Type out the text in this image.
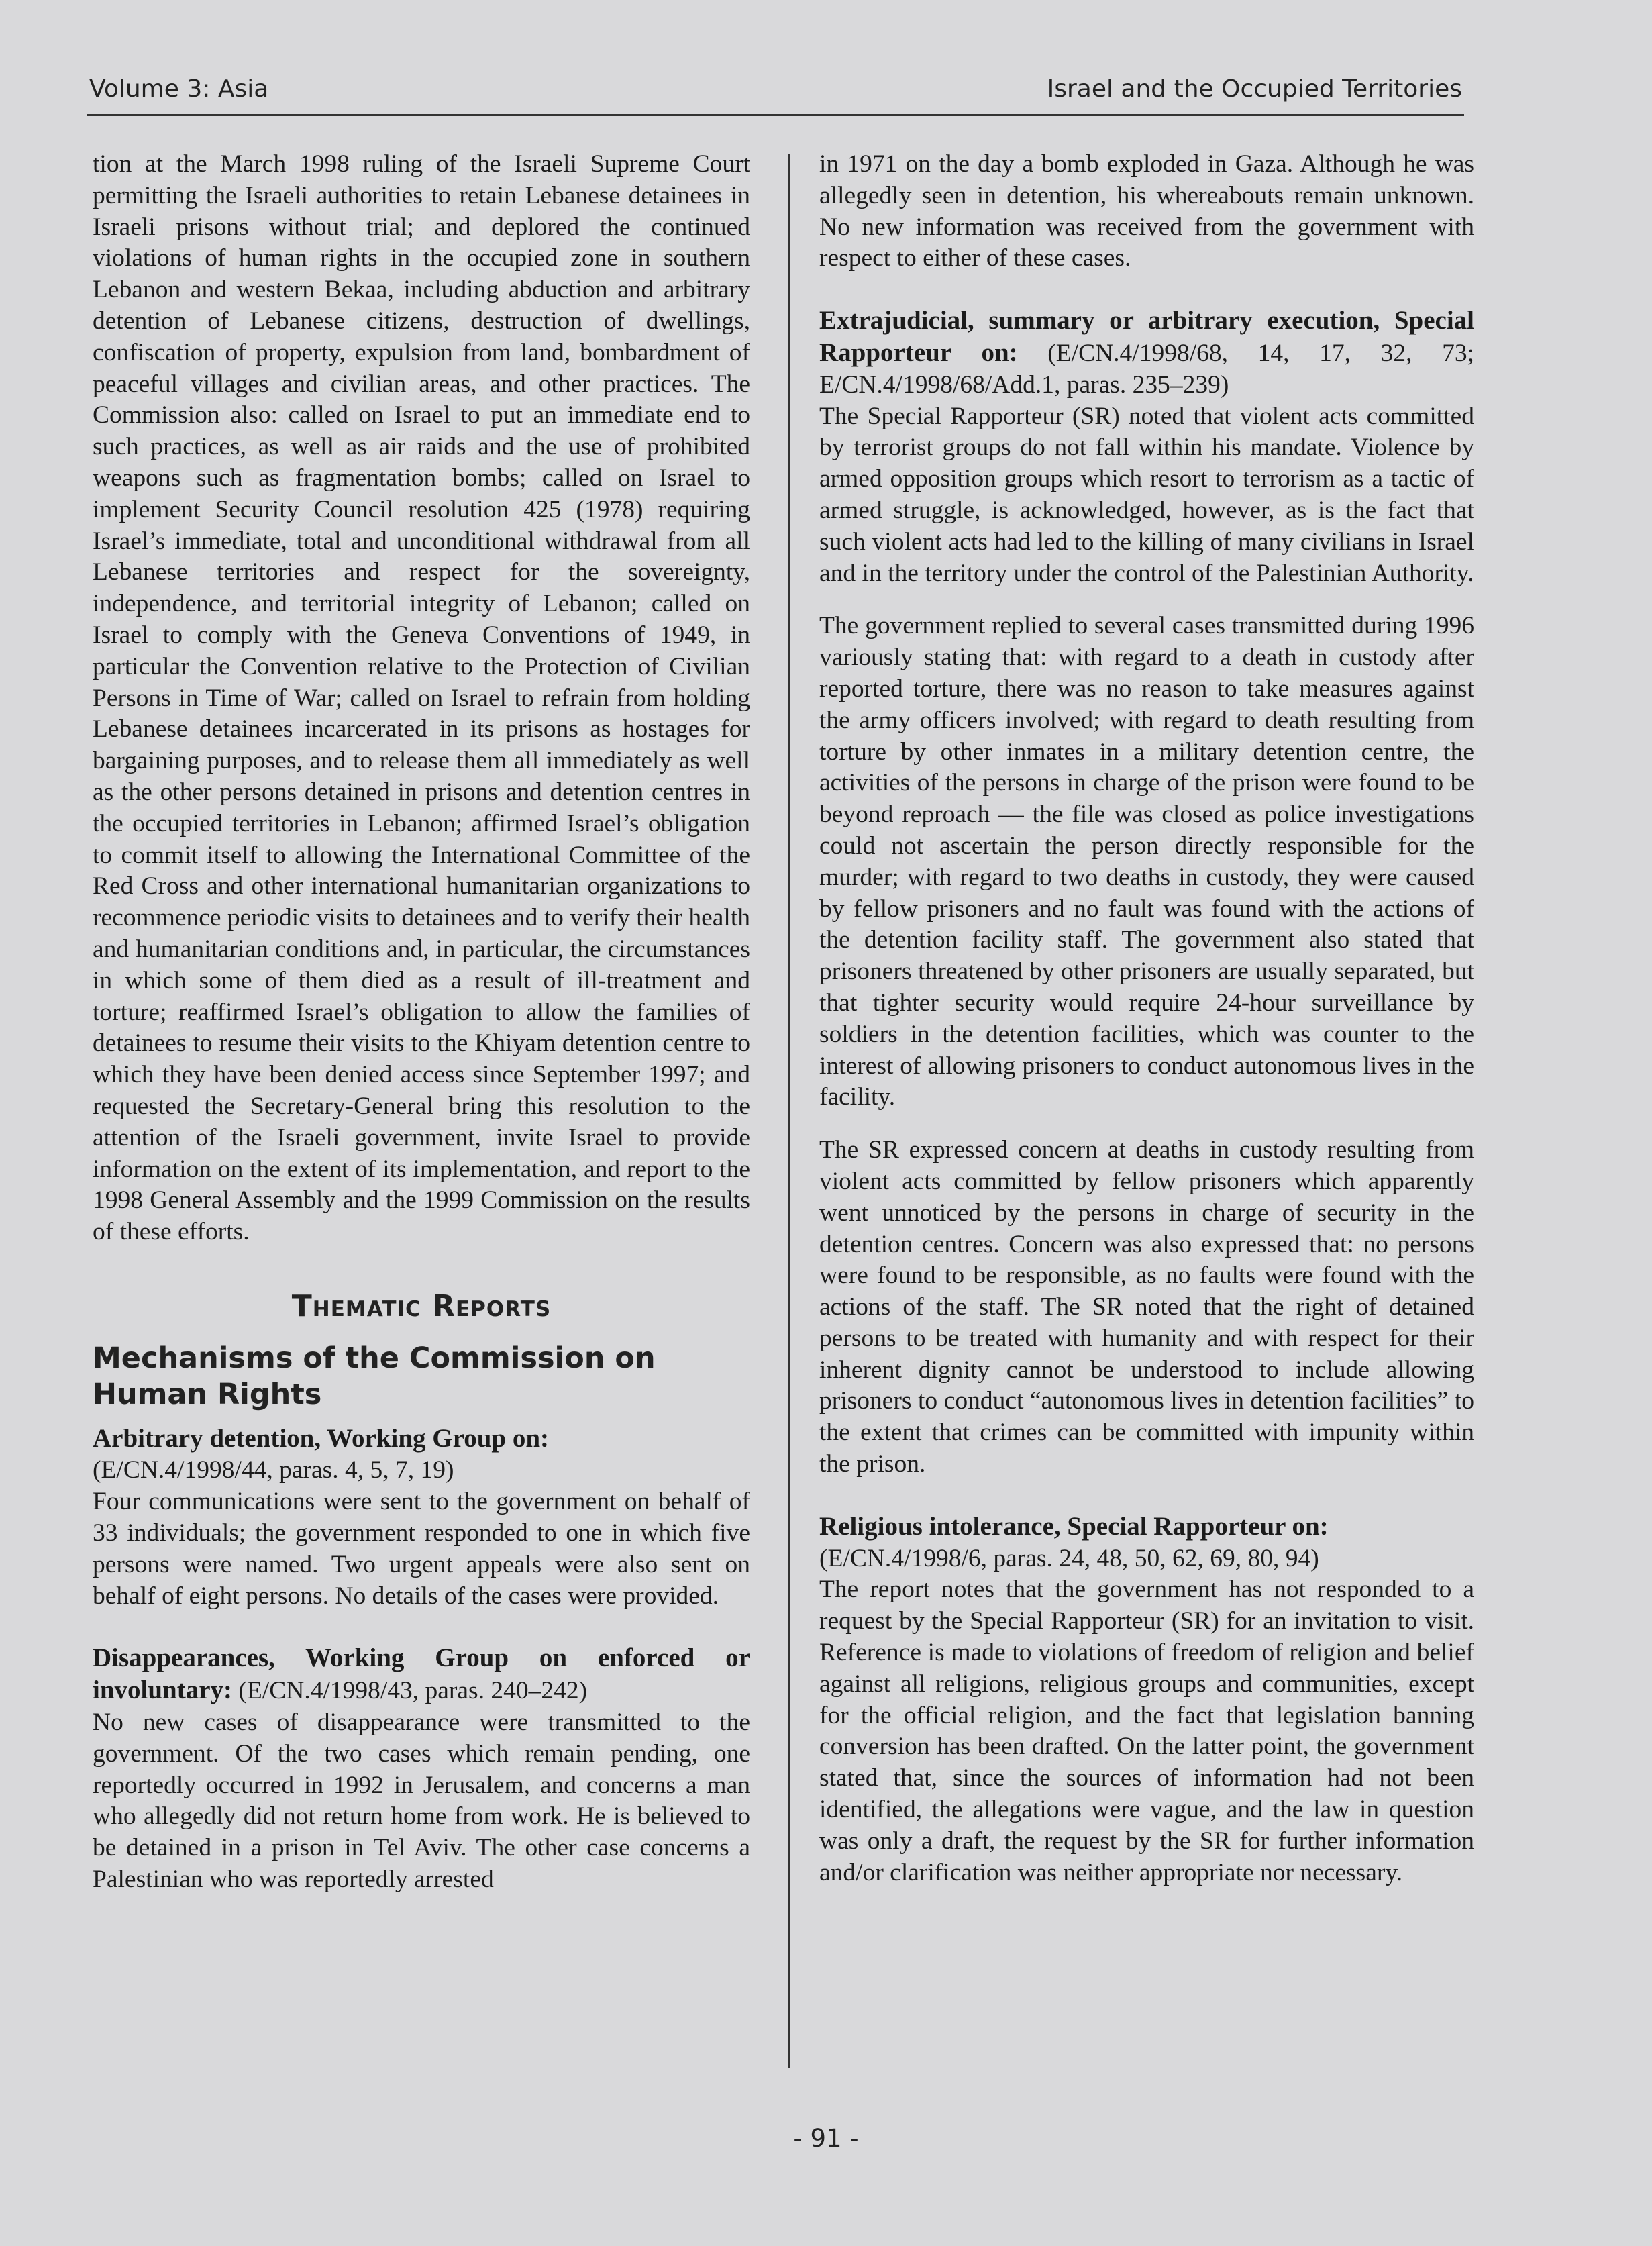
Volume 3: Asia	Israel and the Occupied Territories

tion at the March 1998 ruling of the Israeli Supreme Court permitting the Israeli authorities to retain Lebanese detainees in Israeli prisons without trial; and deplored the continued violations of human rights in the occupied zone in southern Lebanon and western Bekaa, including abduction and arbitrary detention of Lebanese citizens, destruction of dwellings, confiscation of property, expulsion from land, bombardment of peaceful villages and civilian areas, and other practices. The Commission also: called on Israel to put an immediate end to such practices, as well as air raids and the use of prohibited weapons such as fragmentation bombs; called on Israel to implement Security Council resolution 425 (1978) requiring Israel’s immediate, total and unconditional withdrawal from all Lebanese territories and respect for the sovereignty, independence, and territorial integrity of Lebanon; called on Israel to comply with the Geneva Conventions of 1949, in particular the Convention relative to the Protection of Civilian Persons in Time of War; called on Israel to refrain from holding Lebanese detainees incarcerated in its prisons as hostages for bargaining purposes, and to release them all immediately as well as the other persons detained in prisons and detention centres in the occupied territories in Lebanon; affirmed Israel’s obligation to commit itself to allowing the International Committee of the Red Cross and other international humanitarian organizations to recommence periodic visits to detainees and to verify their health and humanitarian conditions and, in particular, the circumstances in which some of them died as a result of ill-treatment and torture; reaffirmed Israel’s obligation to allow the families of detainees to resume their visits to the Khiyam detention centre to which they have been denied access since September 1997; and requested the Secretary-General bring this resolution to the attention of the Israeli government, invite Israel to provide information on the extent of its implementation, and report to the 1998 General Assembly and the 1999 Commission on the results of these efforts.

Thematic Reports
Mechanisms of the Commission on Human Rights
Arbitrary detention, Working Group on:
(E/CN.4/1998/44, paras. 4, 5, 7, 19)

Four communications were sent to the government on behalf of 33 individuals; the government responded to one in which five persons were named. Two urgent appeals were also sent on behalf of eight persons. No details of the cases were provided.

Disappearances, Working Group on enforced or involuntary: (E/CN.4/1998/43, paras. 240–242)

No new cases of disappearance were transmitted to the government. Of the two cases which remain pending, one reportedly occurred in 1992 in Jerusalem, and concerns a man who allegedly did not return home from work. He is believed to be detained in a prison in Tel Aviv. The other case concerns a Palestinian who was reportedly arrested

in 1971 on the day a bomb exploded in Gaza. Although he was allegedly seen in detention, his whereabouts remain unknown. No new information was received from the government with respect to either of these cases.

Extrajudicial, summary or arbitrary execution, Special Rapporteur on: (E/CN.4/1998/68, 14, 17, 32, 73; E/CN.4/1998/68/Add.1, paras. 235–239)

The Special Rapporteur (SR) noted that violent acts committed by terrorist groups do not fall within his mandate. Violence by armed opposition groups which resort to terrorism as a tactic of armed struggle, is acknowledged, however, as is the fact that such violent acts had led to the killing of many civilians in Israel and in the territory under the control of the Palestinian Authority.

The government replied to several cases transmitted during 1996 variously stating that: with regard to a death in custody after reported torture, there was no reason to take measures against the army officers involved; with regard to death resulting from torture by other inmates in a military detention centre, the activities of the persons in charge of the prison were found to be beyond reproach — the file was closed as police investigations could not ascertain the person directly responsible for the murder; with regard to two deaths in custody, they were caused by fellow prisoners and no fault was found with the actions of the detention facility staff. The government also stated that prisoners threatened by other prisoners are usually separated, but that tighter security would require 24-hour surveillance by soldiers in the detention facilities, which was counter to the interest of allowing prisoners to conduct autonomous lives in the facility.

The SR expressed concern at deaths in custody resulting from violent acts committed by fellow prisoners which apparently went unnoticed by the persons in charge of security in the detention centres. Concern was also expressed that: no persons were found to be responsible, as no faults were found with the actions of the staff. The SR noted that the right of detained persons to be treated with humanity and with respect for their inherent dignity cannot be understood to include allowing prisoners to conduct “autonomous lives in detention facilities” to the extent that crimes can be committed with impunity within the prison.

Religious intolerance, Special Rapporteur on:
(E/CN.4/1998/6, paras. 24, 48, 50, 62, 69, 80, 94)

The report notes that the government has not responded to a request by the Special Rapporteur (SR) for an invitation to visit. Reference is made to violations of freedom of religion and belief against all religions, religious groups and communities, except for the official religion, and the fact that legislation banning conversion has been drafted. On the latter point, the government stated that, since the sources of information had not been identified, the allegations were vague, and the law in question was only a draft, the request by the SR for further information and/or clarification was neither appropriate nor necessary.

- 91 -
